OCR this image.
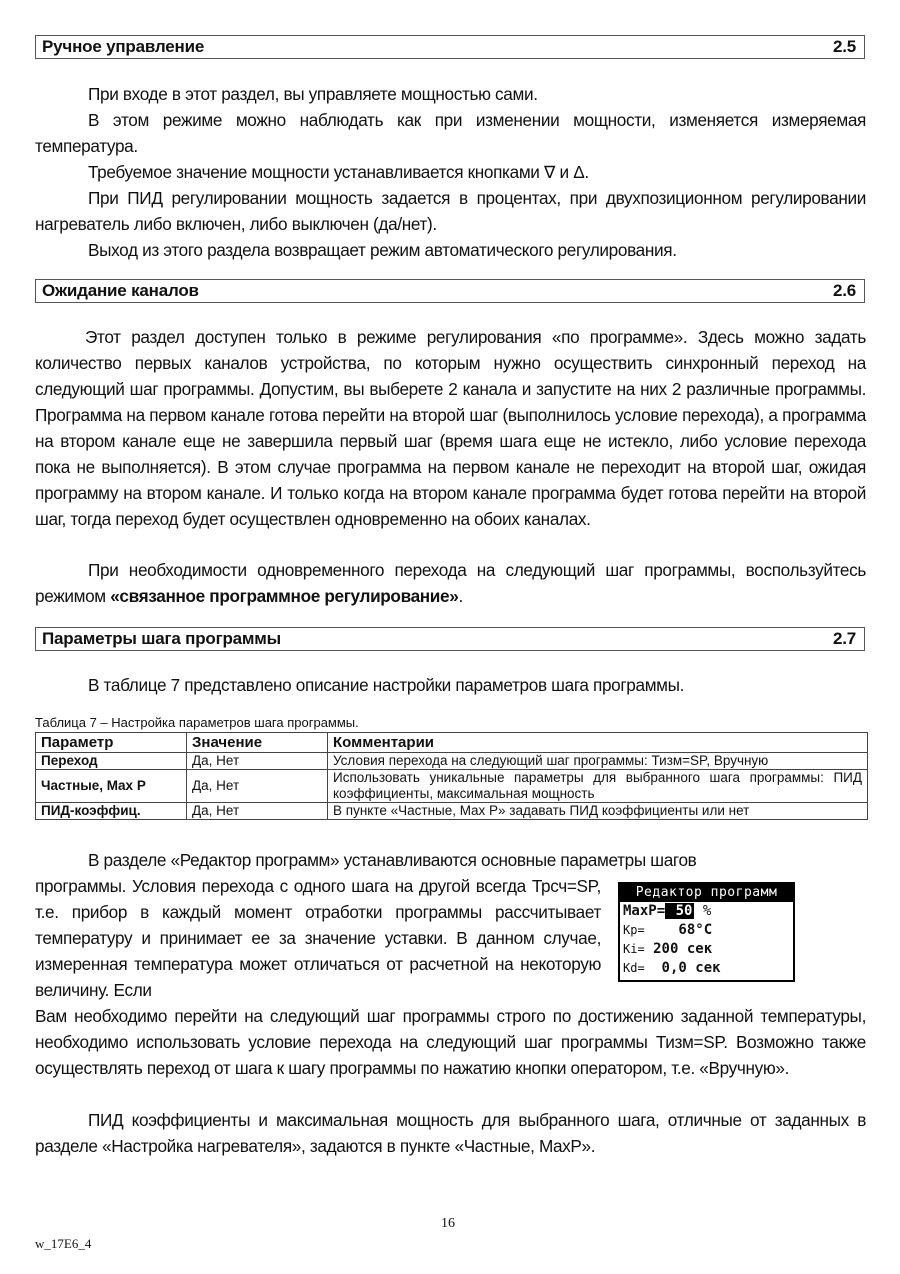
Ручное управление	2.5
При входе в этот раздел, вы управляете мощностью сами.
В этом режиме можно наблюдать как при изменении мощности, изменяется измеряемая температура.
Требуемое значение мощности устанавливается кнопками ∇ и Δ.
При ПИД регулировании мощность задается в процентах, при двухпозиционном регулировании нагреватель либо включен, либо выключен (да/нет).
Выход из этого раздела возвращает режим автоматического регулирования.
Ожидание каналов	2.6
Этот раздел доступен только в режиме регулирования «по программе». Здесь можно задать количество первых каналов устройства, по которым нужно осуществить синхронный переход на следующий шаг программы. Допустим, вы выберете 2 канала и запустите на них 2 различные программы. Программа на первом канале готова перейти на второй шаг (выполнилось условие перехода), а программа на втором канале еще не завершила первый шаг (время шага еще не истекло, либо условие перехода пока не выполняется). В этом случае программа на первом канале не переходит на второй шаг, ожидая программу на втором канале. И только когда на втором канале программа будет готова перейти на второй шаг, тогда переход будет осуществлен одновременно на обоих каналах.
При необходимости одновременного перехода на следующий шаг программы, воспользуйтесь режимом «связанное программное регулирование».
Параметры шага программы	2.7
В таблице 7 представлено описание настройки параметров шага программы.
Таблица 7 – Настройка параметров шага программы.
Параметр	Значение	Комментарии
Переход	Да, Нет	Условия перехода на следующий шаг программы: Тизм=SP, Вручную
Частные, Max P	Да, Нет	Использовать уникальные параметры для выбранного шага программы: ПИД коэффициенты, максимальная мощность
ПИД-коэффиц.	Да, Нет	В пункте «Частные, Max P» задавать ПИД коэффициенты или нет
В разделе «Редактор программ» устанавливаются основные параметры шагов
программы. Условия перехода с одного шага на другой всегда Трсч=SP, т.е. прибор в каждый момент отработки программы рассчитывает температуру и принимает ее за значение уставки. В данном случае, измеренная температура может отличаться от расчетной на некоторую величину. Если
Вам необходимо перейти на следующий шаг программы строго по достижению заданной температуры, необходимо использовать условие перехода на следующий шаг программы Тизм=SP. Возможно также осуществлять переход от шага к шагу программы по нажатию кнопки оператором, т.е. «Вручную».
ПИД коэффициенты и максимальная мощность для выбранного шага, отличные от заданных в разделе «Настройка нагревателя», задаются в пункте «Частные, MaxP».
Редактор программ
MaxP= 50 %
Kp=    68°C
Ki= 200 сек
Kd=  0,0 сек
16
w_17E6_4
